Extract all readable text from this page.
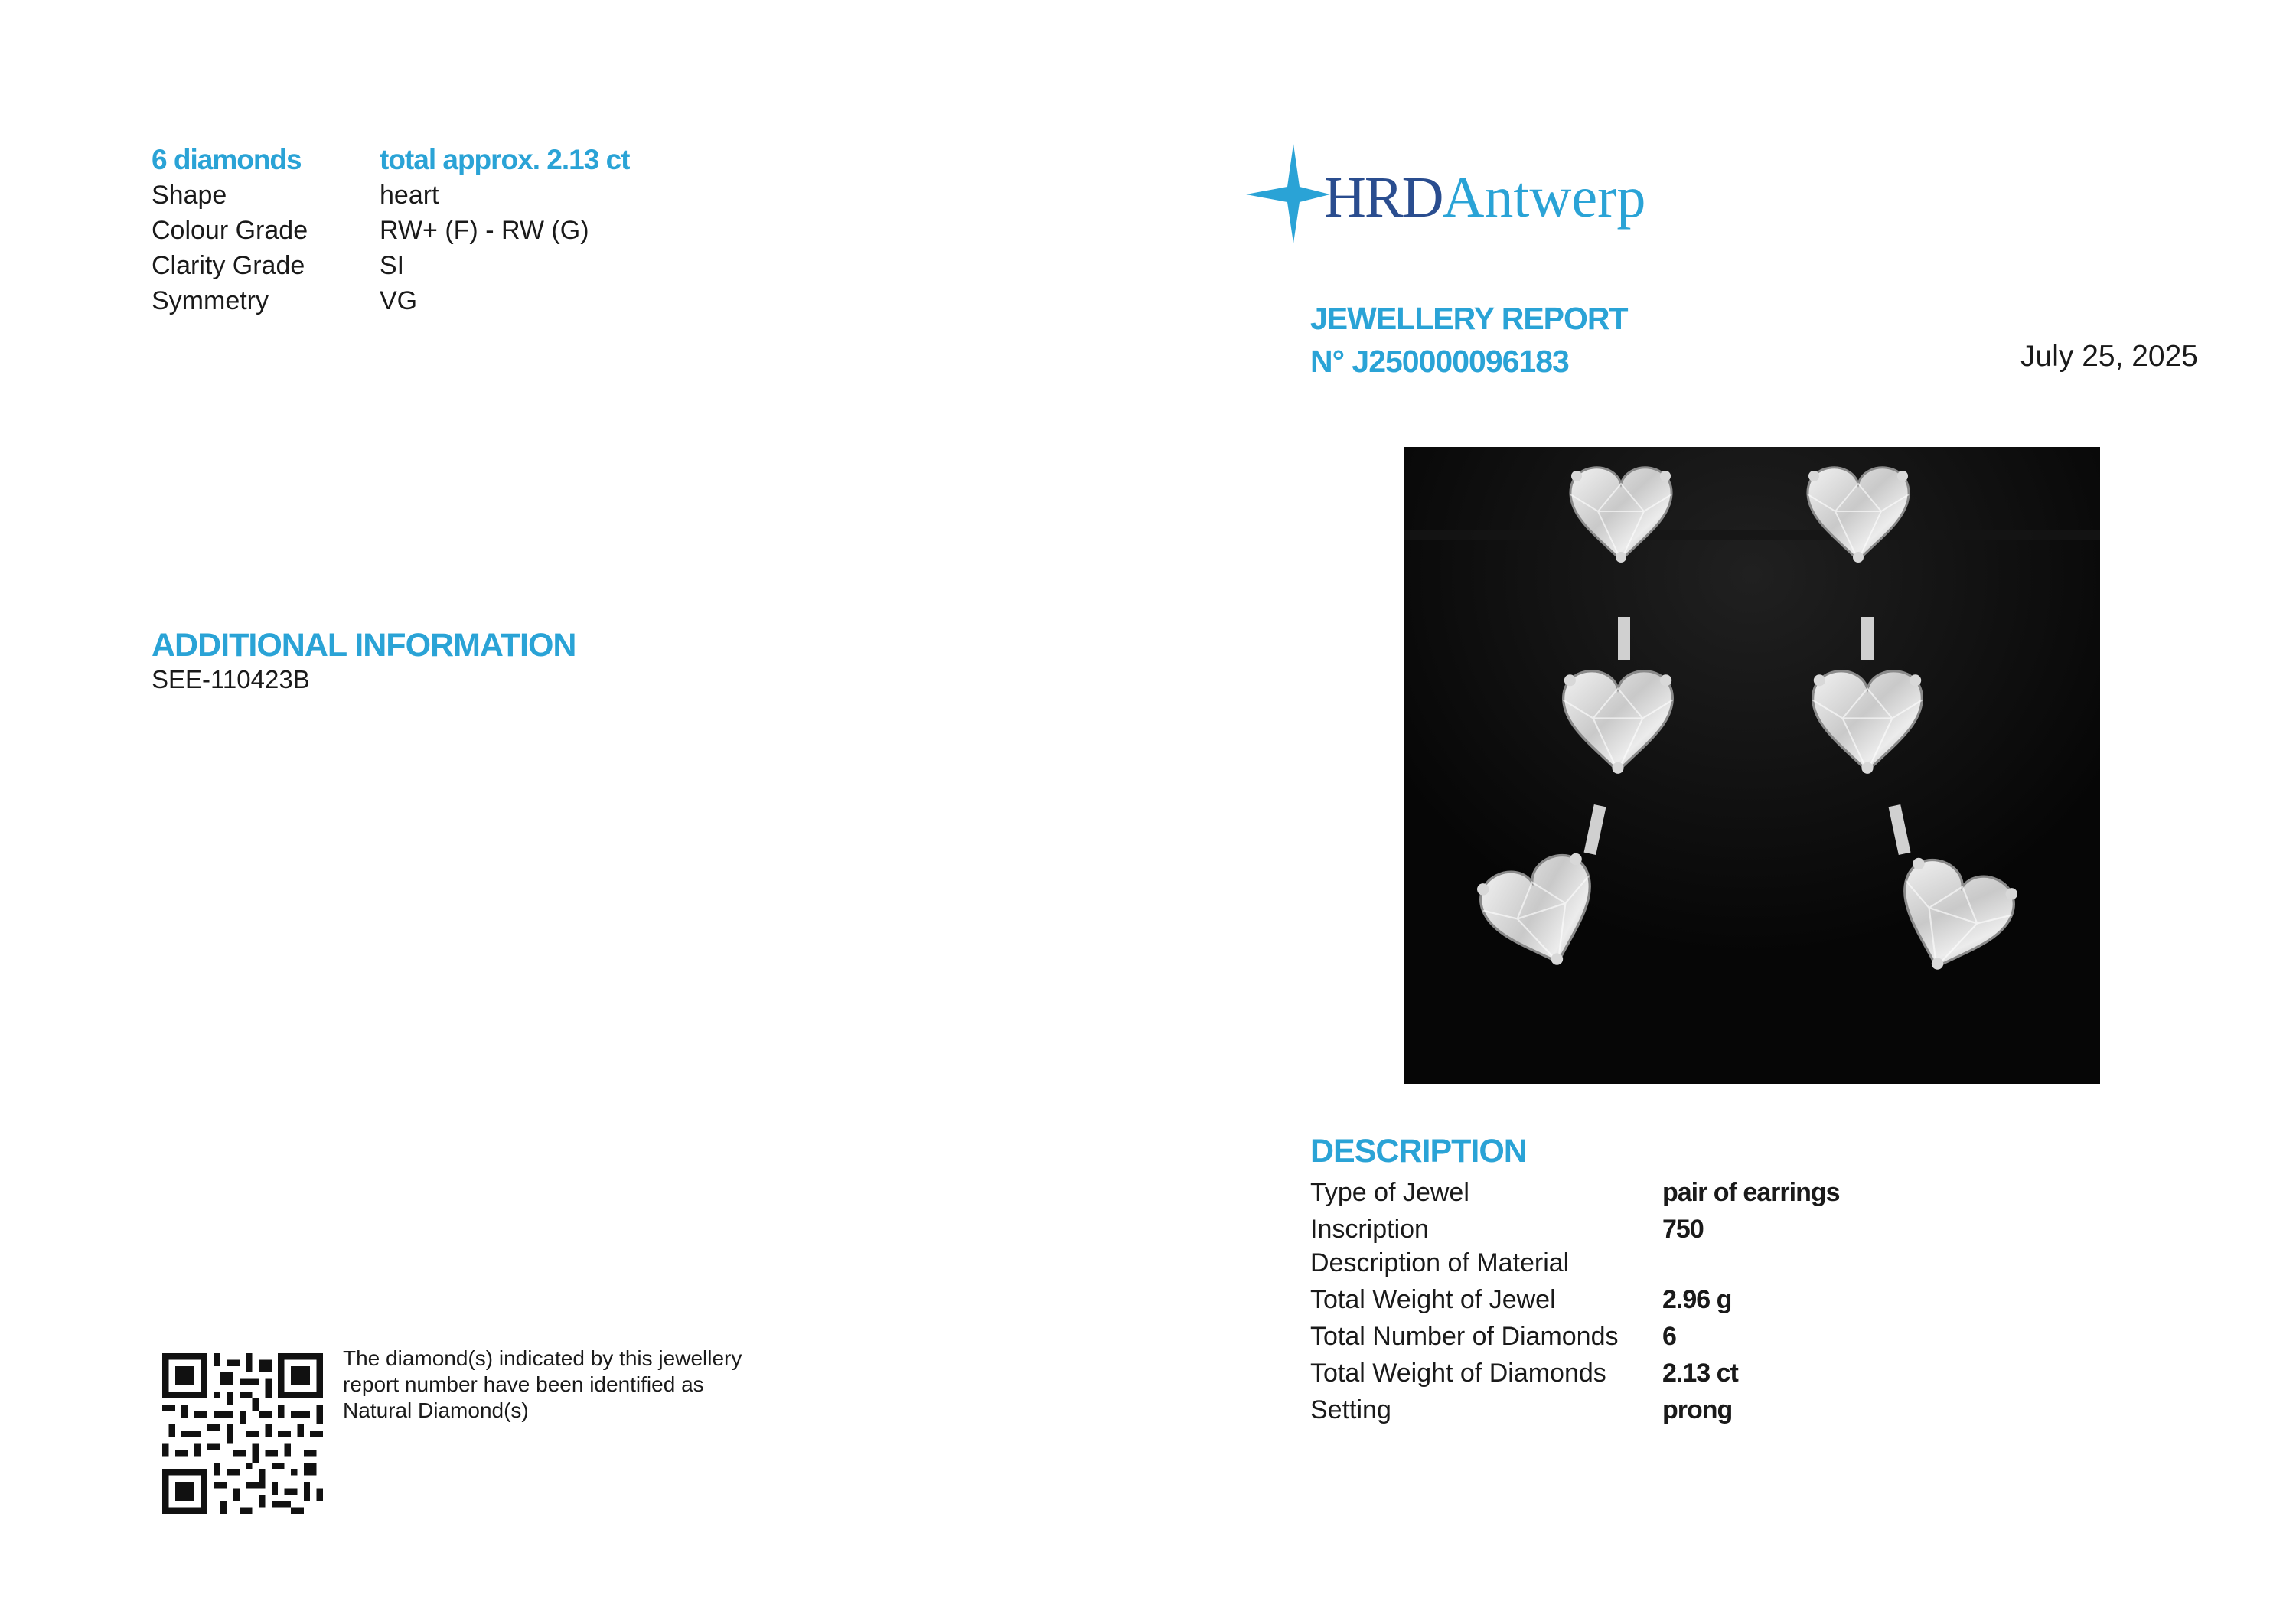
6 diamonds	total approx. 2.13 ct
Shape	heart
Colour Grade	RW+ (F) - RW (G)
Clarity Grade	SI
Symmetry	VG
ADDITIONAL INFORMATION
SEE-110423B
The diamond(s) indicated by this jewellery
report number have been identified as
Natural Diamond(s)
HRDAntwerp
JEWELLERY REPORT
N° J250000096183	July 25, 2025
DESCRIPTION
Type of Jewel	pair of earrings
Inscription	750
Description of Material
Total Weight of Jewel	2.96 g
Total Number of Diamonds 6
Total Weight of Diamonds 2.13 ct
Setting	prong
